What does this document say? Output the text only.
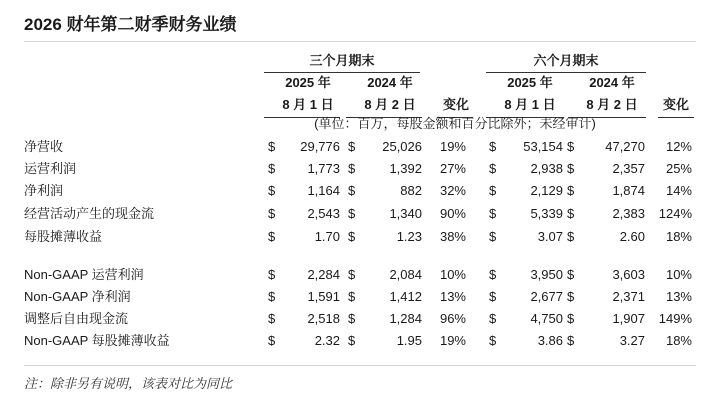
2026 财年第二财季财务业绩
三个月期末	六个月期末
2025 年	2024 年
8 月 1 日	8 月 2 日	变化
2025 年	2024 年
8 月 1 日	8 月 2 日	变化
(单位：百万，每股金额和百分比除外；未经审计)
净营收	$	29,776 $	25,026	19% $	53,154 $	47,270	12%
运营利润	$	1,773 $	1,392	27% $	2,938 $	2,357	25%
净利润	$	1,164 $	882	32% $	2,129 $	1,874	14%
经营活动产生的现金流	$	2,543 $	1,340	90% $	5,339 $	2,383	124%
每股摊薄收益	$	1.70 $	1.23	38% $	3.07 $	2.60	18%
Non-GAAP 运营利润	$	2,284 $	2,084	10% $	3,950 $	3,603	10%
Non-GAAP 净利润	$	1,591 $	1,412	13% $	2,677 $	2,371	13%
调整后自由现金流	$	2,518 $	1,284	96% $	4,750 $	1,907	149%
Non-GAAP 每股摊薄收益	$	2.32 $	1.95	19% $	3.86 $	3.27	18%
注：除非另有说明，该表对比为同比
